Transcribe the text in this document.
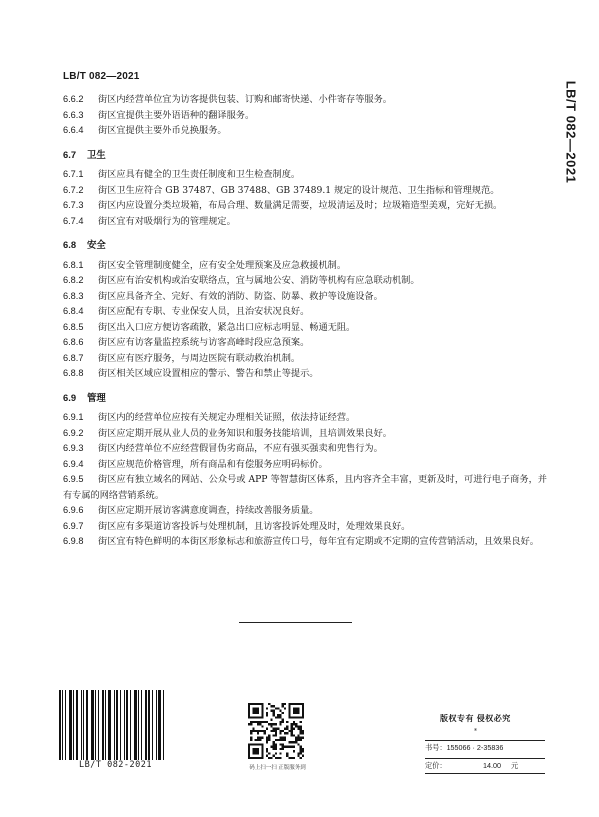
LB/T 082—2021
LB/T 082—2021
6.6.2 街区内经营单位宜为访客提供包装、订购和邮寄快递、小件寄存等服务。
6.6.3 街区宜提供主要外语语种的翻译服务。
6.6.4 街区宜提供主要外币兑换服务。
6.7 卫生
6.7.1 街区应具有健全的卫生责任制度和卫生检查制度。
6.7.2 街区卫生应符合 GB 37487、GB 37488、GB 37489.1 规定的设计规范、卫生指标和管理规范。
6.7.3 街区内应设置分类垃圾箱，布局合理、数量满足需要，垃圾清运及时；垃圾箱造型美观，完好无损。
6.7.4 街区宜有对吸烟行为的管理规定。
6.8 安全
6.8.1 街区安全管理制度健全，应有安全处理预案及应急救援机制。
6.8.2 街区应有治安机构或治安联络点，宜与属地公安、消防等机构有应急联动机制。
6.8.3 街区应具备齐全、完好、有效的消防、防盗、防暴、救护等设施设备。
6.8.4 街区应配有专职、专业保安人员，且治安状况良好。
6.8.5 街区出入口应方便访客疏散，紧急出口应标志明显、畅通无阻。
6.8.6 街区应有访客量监控系统与访客高峰时段应急预案。
6.8.7 街区应有医疗服务，与周边医院有联动救治机制。
6.8.8 街区相关区域应设置相应的警示、警告和禁止等提示。
6.9 管理
6.9.1 街区内的经营单位应按有关规定办理相关证照，依法持证经营。
6.9.2 街区应定期开展从业人员的业务知识和服务技能培训，且培训效果良好。
6.9.3 街区内经营单位不应经营假冒伪劣商品，不应有强买强卖和兜售行为。
6.9.4 街区应规范价格管理，所有商品和有偿服务应明码标价。
6.9.5 街区应有独立域名的网站、公众号或 APP 等智慧街区体系，且内容齐全丰富，更新及时，可进行电子商务，并有专属的网络营销系统。
6.9.6 街区应定期开展访客满意度调查，持续改善服务质量。
6.9.7 街区应有多渠道访客投诉与处理机制，且访客投诉处理及时，处理效果良好。
6.9.8 街区宜有特色鲜明的本街区形象标志和旅游宣传口号，每年宜有定期或不定期的宣传营销活动，且效果良好。
LB/T 082-2021	码上扫一扫 正版服务到
版权专有 侵权必究
*
书号：155066 · 2-35836
定价：	14.00 元
